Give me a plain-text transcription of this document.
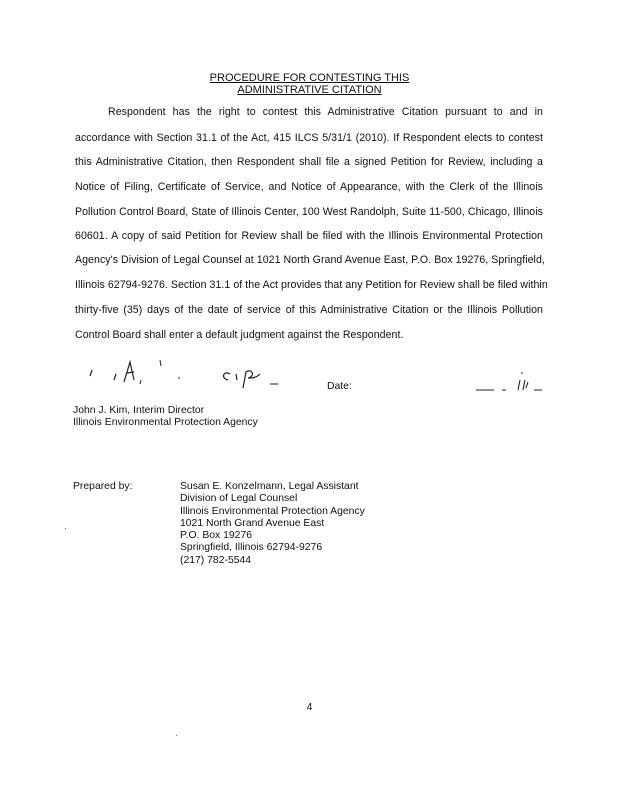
PROCEDURE FOR CONTESTING THIS
ADMINISTRATIVE CITATION
Respondent has the right to contest this Administrative Citation pursuant to and in
accordance with Section 31.1 of the Act, 415 ILCS 5/31/1 (2010). If Respondent elects to contest
this Administrative Citation, then Respondent shall file a signed Petition for Review, including a
Notice of Filing, Certificate of Service, and Notice of Appearance, with the Clerk of the Illinois
Pollution Control Board, State of Illinois Center, 100 West Randolph, Suite 11-500, Chicago, Illinois
60601. A copy of said Petition for Review shall be filed with the Illinois Environmental Protection
Agency's Division of Legal Counsel at 1021 North Grand Avenue East, P.O. Box 19276, Springfield,
Illinois 62794-9276. Section 31.1 of the Act provides that any Petition for Review shall be filed within
thirty-five (35) days of the date of service of this Administrative Citation or the Illinois Pollution
Control Board shall enter a default judgment against the Respondent.
Date:
John J. Kim, Interim Director
Illinois Environmental Protection Agency
Prepared by:	Susan E. Konzelmann, Legal Assistant
Division of Legal Counsel
Illinois Environmental Protection Agency
1021 North Grand Avenue East
P.O. Box 19276
Springfield, Illinois 62794-9276
(217) 782-5544
4
